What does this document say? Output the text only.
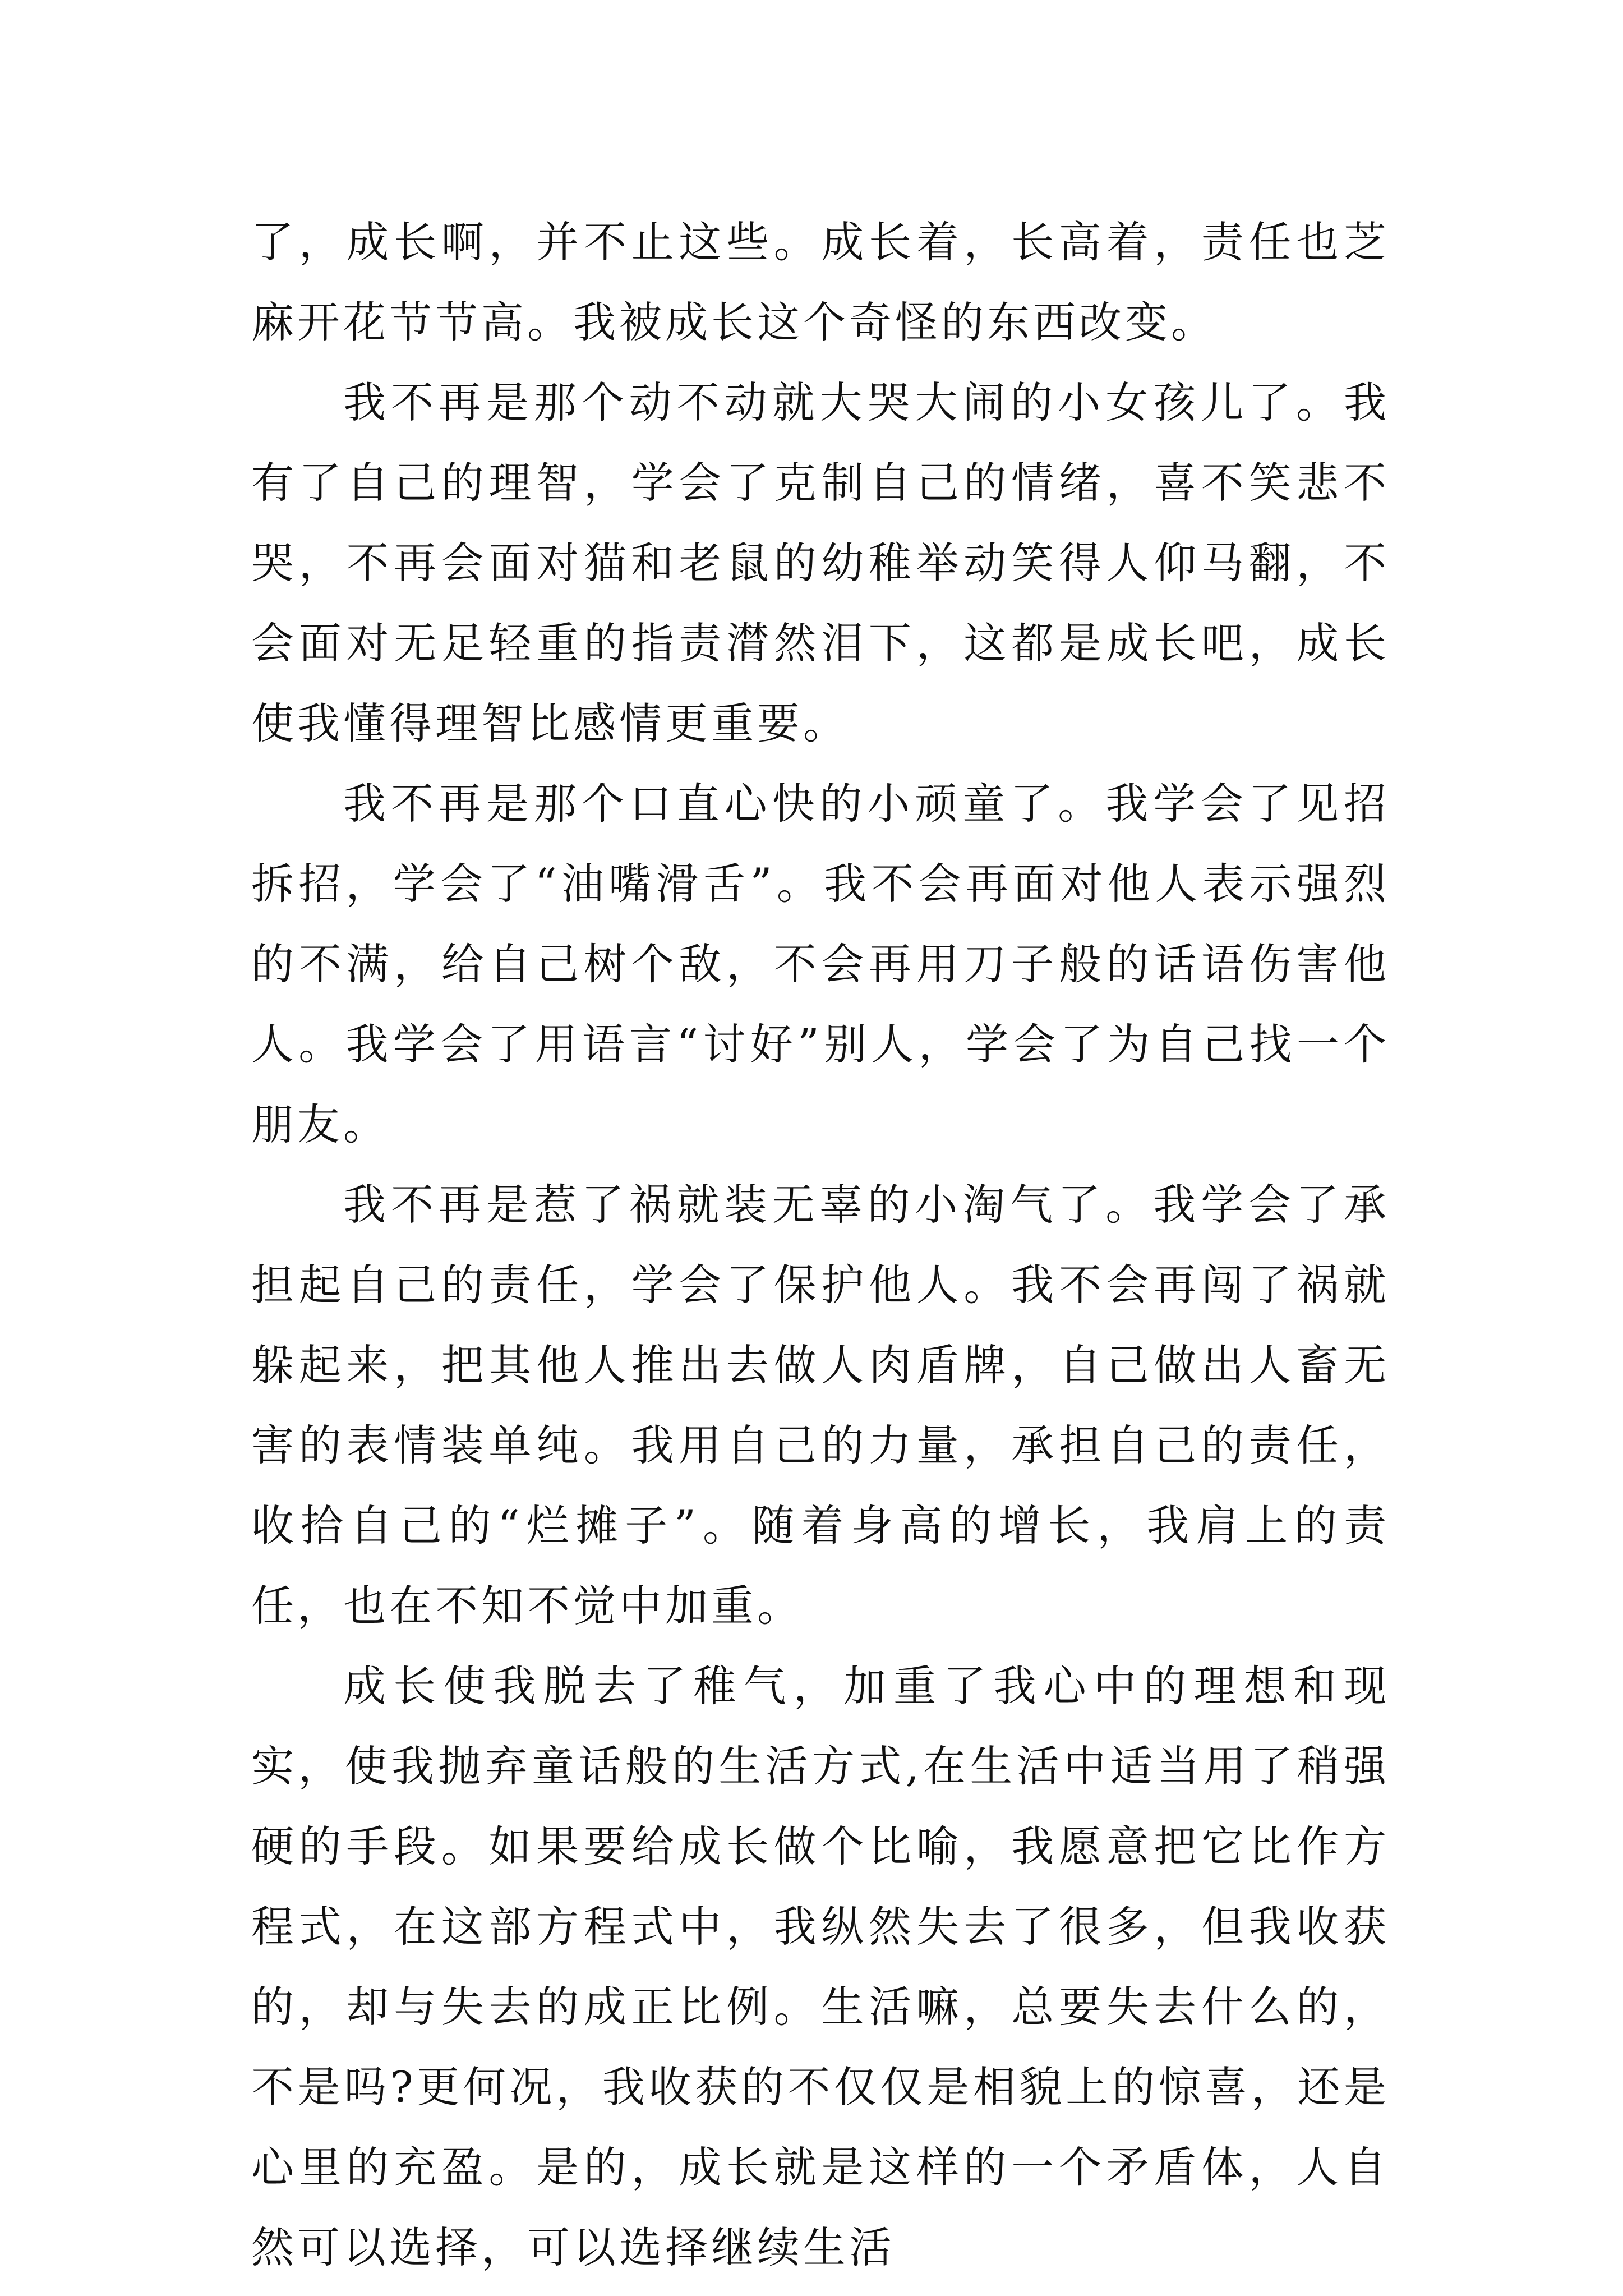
了，成长啊，并不止这些。成长着，长高着，责任也芝麻开花节节高。我被成长这个奇怪的东西改变。

我不再是那个动不动就大哭大闹的小女孩儿了。我有了自己的理智，学会了克制自己的情绪，喜不笑悲不哭，不再会面对猫和老鼠的幼稚举动笑得人仰马翻，不会面对无足轻重的指责潸然泪下，这都是成长吧，成长使我懂得理智比感情更重要。

我不再是那个口直心快的小顽童了。我学会了见招拆招，学会了“油嘴滑舌”。我不会再面对他人表示强烈的不满，给自己树个敌，不会再用刀子般的话语伤害他人。我学会了用语言“讨好”别人，学会了为自己找一个朋友。

我不再是惹了祸就装无辜的小淘气了。我学会了承担起自己的责任，学会了保护他人。我不会再闯了祸就躲起来，把其他人推出去做人肉盾牌，自己做出人畜无害的表情装单纯。我用自己的力量，承担自己的责任，收拾自己的“烂摊子”。随着身高的增长，我肩上的责任，也在不知不觉中加重。

成长使我脱去了稚气，加重了我心中的理想和现实，使我抛弃童话般的生活方式,在生活中适当用了稍强硬的手段。如果要给成长做个比喻，我愿意把它比作方程式，在这部方程式中，我纵然失去了很多，但我收获的，却与失去的成正比例。生活嘛，总要失去什么的，不是吗?更何况，我收获的不仅仅是相貌上的惊喜，还是心里的充盈。是的，成长就是这样的一个矛盾体，人自然可以选择，可以选择继续生活
